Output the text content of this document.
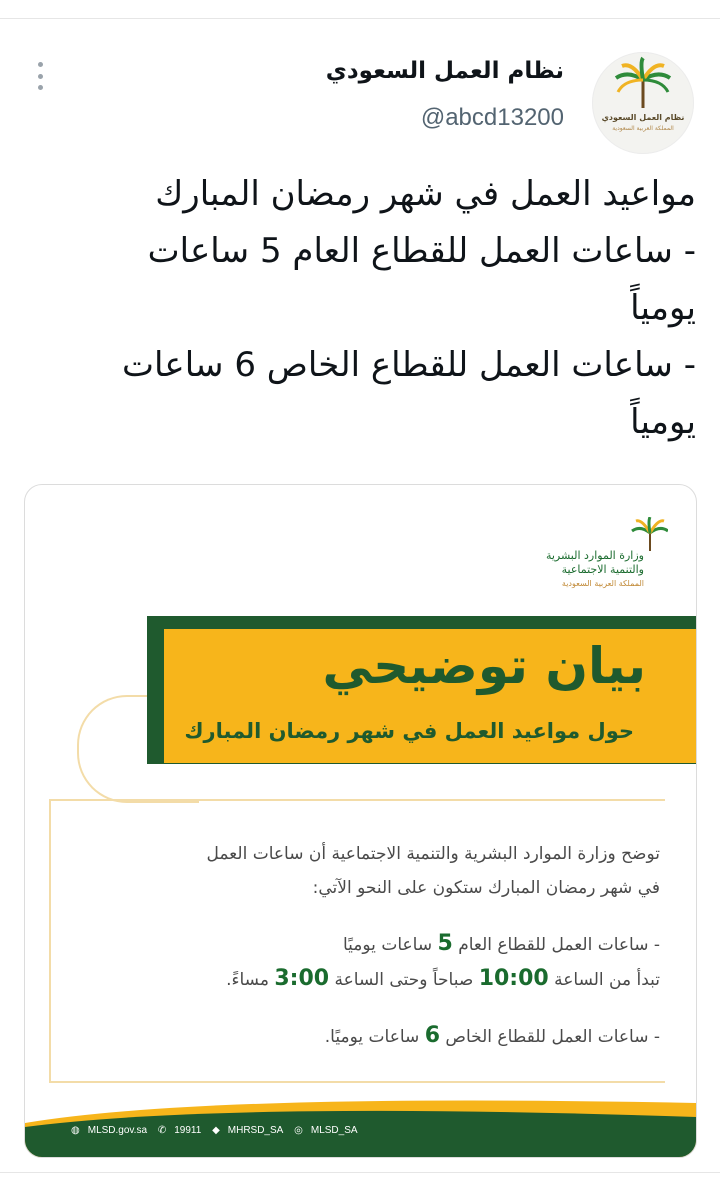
نظام العمل السعودي
المملكة العربية السعودية
نظام العمل السعودي
@abcd13200
مواعيد العمل في شهر رمضان المبارك
- ساعات العمل للقطاع العام 5 ساعات
يومياً
- ساعات العمل للقطاع الخاص 6 ساعات
يومياً
وزارة الموارد البشرية
والتنمية الاجتماعية
المملكة العربية السعودية
بيان توضيحي
حول مواعيد العمل في شهر رمضان المبارك
توضح وزارة الموارد البشرية والتنمية الاجتماعية أن ساعات العمل
في شهر رمضان المبارك ستكون على النحو الآتي:
- ساعات العمل للقطاع العام 5 ساعات يوميًا
تبدأ من الساعة 10:00 صباحاً وحتى الساعة 3:00 مساءً.
- ساعات العمل للقطاع الخاص 6 ساعات يوميًا.
◍ MLSD.gov.sa ✆ 19911 ◆ MHRSD_SA ◎ MLSD_SA
